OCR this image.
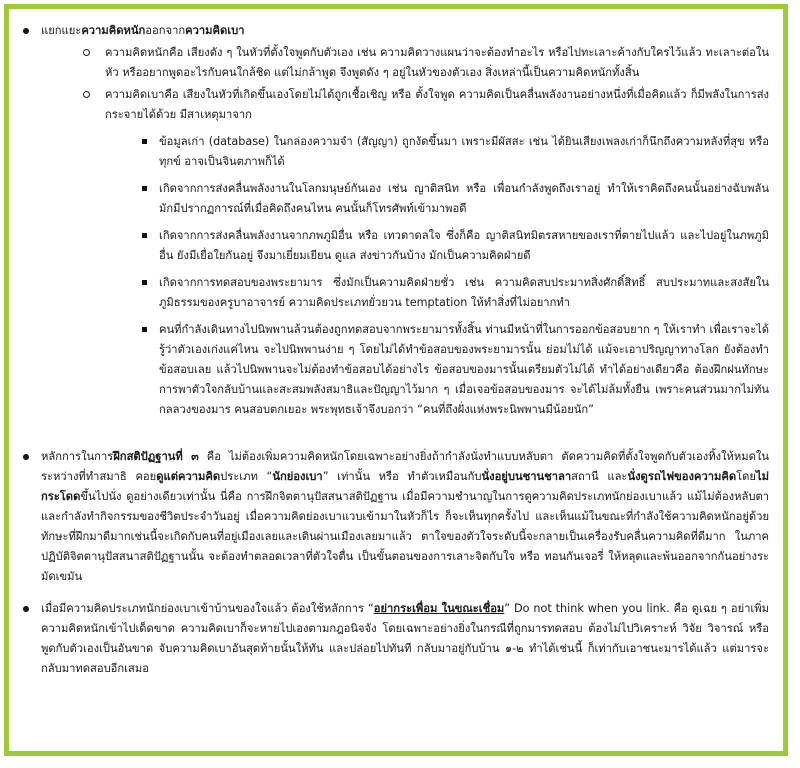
แยกแยะความคิดหนักออกจากความคิดเบา
ความคิดหนักคือ เสียงดัง ๆ ในหัวที่ตั้งใจพูดกับตัวเอง เช่น ความคิดวางแผนว่าจะต้องทำอะไร หรือไปทะเลาะค้างกับใครไว้แล้ว ทะเลาะต่อในหัว หรืออยากพูดอะไรกับคนใกล้ชิด แต่ไม่กล้าพูด จึงพูดดัง ๆ อยู่ในหัวของตัวเอง สิ่งเหล่านี้เป็นความคิดหนักทั้งสิ้น
ความคิดเบาคือ เสียงในหัวที่เกิดขึ้นเองโดยไม่ได้ถูกเชื้อเชิญ หรือ ตั้งใจพูด ความคิดเป็นคลื่นพลังงานอย่างหนึ่งที่เมื่อคิดแล้ว ก็มีพลังในการส่ง กระจายได้ด้วย มีสาเหตุมาจาก
ข้อมูลเก่า (database) ในกล่องความจำ (สัญญา) ถูกงัดขึ้นมา เพราะมีผัสสะ เช่น ได้ยินเสียงเพลงเก่าก็นึกถึงความหลังที่สุข หรือ ทุกข์ อาจเป็นจินตภาพก็ได้
เกิดจากการส่งคลื่นพลังงานในโลกมนุษย์กันเอง เช่น ญาติสนิท หรือ เพื่อนกำลังพูดถึงเราอยู่ ทำให้เราคิดถึงคนนั้นอย่างฉับพลัน มักมีปรากฏการณ์ที่เมื่อคิดถึงคนไหน คนนั้นก็โทรศัพท์เข้ามาพอดี
เกิดจากการส่งคลื่นพลังงานจากภพภูมิอื่น หรือ เทวดาดลใจ ซึ่งก็คือ ญาติสนิทมิตรสหายของเราที่ตายไปแล้ว และไปอยู่ในภพภูมิอื่น ยังมีเยื่อใยกันอยู่ จึงมาเยี่ยมเยียน ดูแล ส่งข่าวกันบ้าง มักเป็นความคิดฝ่ายดี
เกิดจากการทดสอบของพระยามาร ซึ่งมักเป็นความคิดฝ่ายชั่ว เช่น ความคิดสบประมาทสิ่งศักดิ์สิทธิ์ สบประมาทและสงสัยในภูมิธรรมของครูบาอาจารย์ ความคิดประเภทยั่วยวน temptation ให้ทำสิ่งที่ไม่อยากทำ
คนที่กำลังเดินทางไปนิพพานล้วนต้องถูกทดสอบจากพระยามารทั้งสิ้น ท่านมีหน้าที่ในการออกข้อสอบยาก ๆ ให้เราทำ เพื่อเราจะได้รู้ว่าตัวเองเก่งแค่ไหน จะไปนิพพานง่าย ๆ โดยไม่ได้ทำข้อสอบของพระยามารนั้น ย่อมไม่ได้ แม้จะเอาปริญญาทางโลก ยังต้องทำข้อสอบเลย แล้วไปนิพพานจะไม่ต้องทำข้อสอบได้อย่างไร ข้อสอบของมารนั้นเตรียมตัวไม่ได้ ทำได้อย่างเดียวคือ ต้องฝึกฝนทักษะการพาตัวใจกลับบ้านและสะสมพลังสมาธิและปัญญาไว้มาก ๆ เมื่อเจอข้อสอบของมาร จะได้ไม่ล้มทั้งยืน เพราะคนส่วนมากไม่ทันกลลวงของมาร คนสอบตกเยอะ พระพุทธเจ้าจึงบอกว่า “คนที่ถึงฝั่งแห่งพระนิพพานมีน้อยนัก”
หลักการในการฝึกสติปัฏฐานที่ ๓ คือ ไม่ต้องเพิ่มความคิดหนักโดยเฉพาะอย่างยิ่งถ้ากำลังนั่งทำแบบหลับตา ตัดความคิดที่ตั้งใจพูดกับตัวเองทิ้งให้หมดในระหว่างที่ทำสมาธิ คอยดูแต่ความคิดประเภท “นักย่องเบา” เท่านั้น หรือ ทำตัวเหมือนกับนั่งอยู่บนชานชาลาสถานี และนั่งดูรถไฟของความคิดโดยไม่กระโดดขึ้นไปนั่ง ดูอย่างเดียวเท่านั้น นี่คือ การฝึกจิตตานุปัสสนาสติปัฏฐาน เมื่อมีความชำนาญในการดูความคิดประเภทนักย่องเบาแล้ว แม้ไม่ต้องหลับตาและกำลังทำกิจกรรมของชีวิตประจำวันอยู่ เมื่อความคิดย่องเบาแวบเข้ามาในหัวก็ไร ก็จะเห็นทุกครั้งไป และเห็นแม้ในขณะที่กำลังใช้ความคิดหนักอยู่ด้วย ทักษะที่ฝึกมาดีมากเช่นนี้จะเกิดกับคนที่อยู่เมืองเลยและเดินผ่านเมืองเลยมาแล้ว ตาใจของตัวใจระดับนี้จะกลายเป็นเครื่องรับคลื่นความคิดที่ดีมาก ในภาคปฏิบัติจิตตานุปัสสนาสติปัฏฐานนั้น จะต้องทำตลอดเวลาที่ตัวใจตื่น เป็นขั้นตอนของการเลาะจิตกับใจ หรือ ทอนกันเจอรี่ ให้หลุดและพ้นออกจากกันอย่างระมัดเขมัน
เมื่อมีความคิดประเภทนักย่องเบาเข้าบ้านของใจแล้ว ต้องใช้หลักการ “อย่ากระเพื่อม ในขณะเชื่อม” Do not think when you link. คือ ดูเฉย ๆ อย่าเพิ่มความคิดหนักเข้าไปเด็ดขาด ความคิดเบาก็จะหายไปเองตามกฎอนิจจัง โดยเฉพาะอย่างยิ่งในกรณีที่ถูกมารทดสอบ ต้องไม่ไปวิเคราะห์ วิจัย วิจารณ์ หรือ พูดกับตัวเองเป็นอันขาด จับความคิดเบาอันสุดท้ายนั้นให้ทัน และปล่อยไปทันที กลับมาอยู่กับบ้าน ๑-๒ ทำได้เช่นนี้ ก็เท่ากับเอาชนะมารได้แล้ว แต่มารจะกลับมาทดสอบอีกเสมอ
